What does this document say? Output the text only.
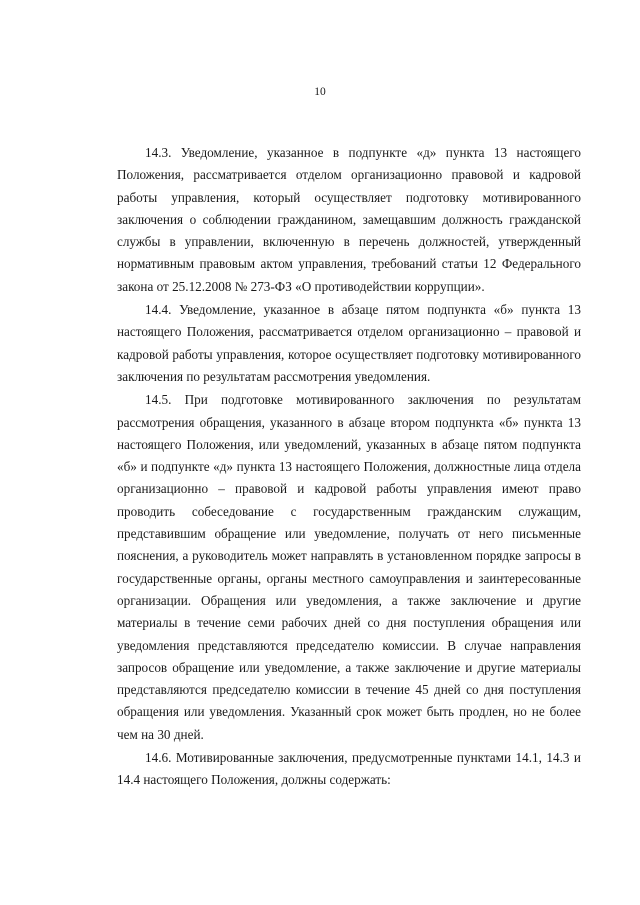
10

14.3. Уведомление, указанное в подпункте «д» пункта 13 настоящего Положения, рассматривается отделом организационно правовой и кадровой работы управления, который осуществляет подготовку мотивированного заключения о соблюдении гражданином, замещавшим должность гражданской службы в управлении, включенную в перечень должностей, утвержденный нормативным правовым актом управления, требований статьи 12 Федерального закона от 25.12.2008 № 273-ФЗ «О противодействии коррупции».

14.4. Уведомление, указанное в абзаце пятом подпункта «б» пункта 13 настоящего Положения, рассматривается отделом организационно – правовой и кадровой работы управления, которое осуществляет подготовку мотивированного заключения по результатам рассмотрения уведомления.

14.5. При подготовке мотивированного заключения по результатам рассмотрения обращения, указанного в абзаце втором подпункта «б» пункта 13 настоящего Положения, или уведомлений, указанных в абзаце пятом подпункта «б» и подпункте «д» пункта 13 настоящего Положения, должностные лица отдела организационно – правовой и кадровой работы управления имеют право проводить собеседование с государственным гражданским служащим, представившим обращение или уведомление, получать от него письменные пояснения, а руководитель может направлять в установленном порядке запросы в государственные органы, органы местного самоуправления и заинтересованные организации. Обращения или уведомления, а также заключение и другие материалы в течение семи рабочих дней со дня поступления обращения или уведомления представляются председателю комиссии. В случае направления запросов обращение или уведомление, а также заключение и другие материалы представляются председателю комиссии в течение 45 дней со дня поступления обращения или уведомления. Указанный срок может быть продлен, но не более чем на 30 дней.

14.6. Мотивированные заключения, предусмотренные пунктами 14.1, 14.3 и 14.4 настоящего Положения, должны содержать:
